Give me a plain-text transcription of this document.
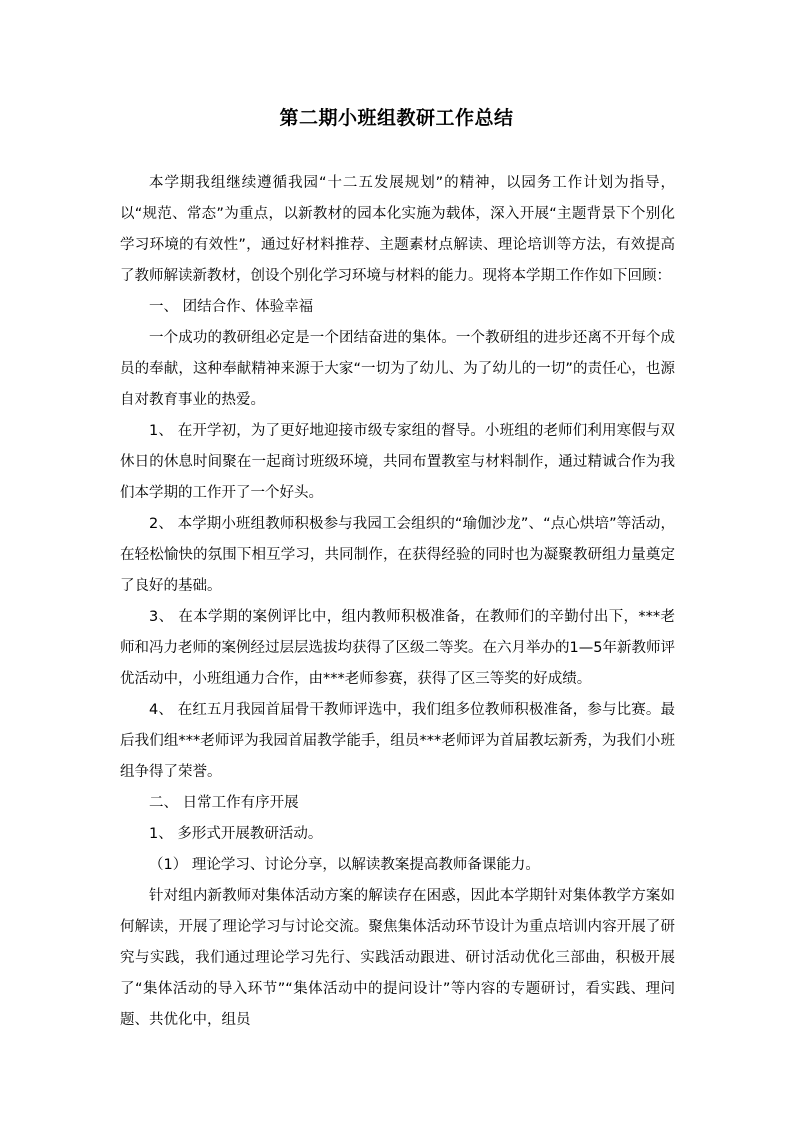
第二期小班组教研工作总结

本学期我组继续遵循我园“十二五发展规划”的精神，以园务工作计划为指导，以“规范、常态”为重点，以新教材的园本化实施为载体，深入开展“主题背景下个别化学习环境的有效性”，通过好材料推荐、主题素材点解读、理论培训等方法，有效提高了教师解读新教材，创设个别化学习环境与材料的能力。现将本学期工作作如下回顾：

一、 团结合作、体验幸福

一个成功的教研组必定是一个团结奋进的集体。一个教研组的进步还离不开每个成员的奉献，这种奉献精神来源于大家“一切为了幼儿、为了幼儿的一切”的责任心，也源自对教育事业的热爱。

1、 在开学初，为了更好地迎接市级专家组的督导。小班组的老师们利用寒假与双休日的休息时间聚在一起商讨班级环境，共同布置教室与材料制作，通过精诚合作为我们本学期的工作开了一个好头。

2、 本学期小班组教师积极参与我园工会组织的“瑜伽沙龙”、“点心烘培”等活动，在轻松愉快的氛围下相互学习，共同制作，在获得经验的同时也为凝聚教研组力量奠定了良好的基础。

3、 在本学期的案例评比中，组内教师积极准备，在教师们的辛勤付出下，***老师和冯力老师的案例经过层层选拔均获得了区级二等奖。在六月举办的1—5年新教师评优活动中，小班组通力合作，由***老师参赛，获得了区三等奖的好成绩。

4、 在红五月我园首届骨干教师评选中，我们组多位教师积极准备，参与比赛。最后我们组***老师评为我园首届教学能手，组员***老师评为首届教坛新秀，为我们小班组争得了荣誉。

二、 日常工作有序开展

1、 多形式开展教研活动。

（1） 理论学习、讨论分享，以解读教案提高教师备课能力。

针对组内新教师对集体活动方案的解读存在困惑，因此本学期针对集体教学方案如何解读，开展了理论学习与讨论交流。聚焦集体活动环节设计为重点培训内容开展了研究与实践，我们通过理论学习先行、实践活动跟进、研讨活动优化三部曲，积极开展了“集体活动的导入环节”“集体活动中的提问设计”等内容的专题研讨，看实践、理问题、共优化中，组员
